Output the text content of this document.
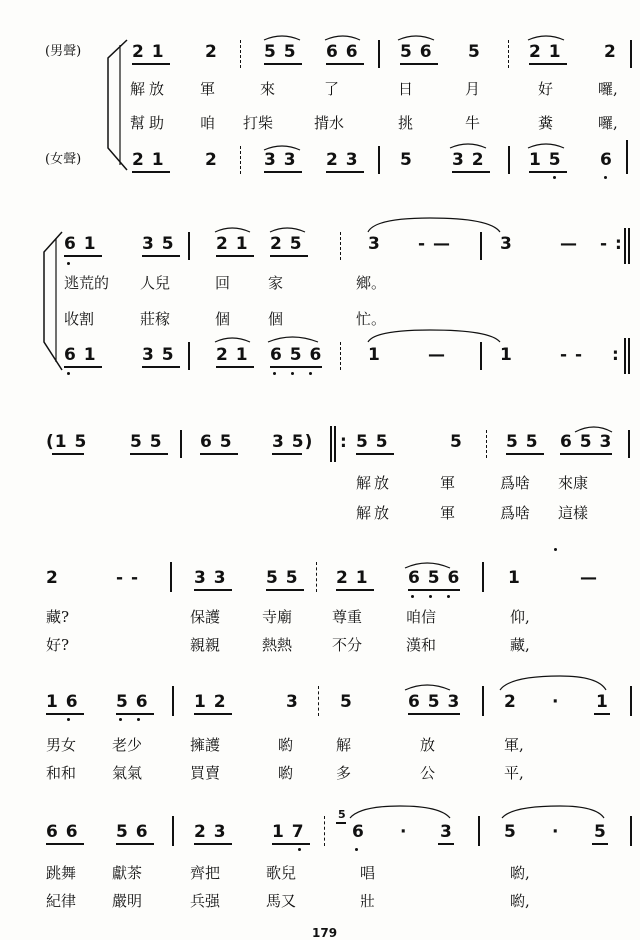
(男聲)
(女聲)
2 1 2	5 5 6 6 5 6 5	2 1 2
解放 軍	來	了	日	月	好	囉,
幫助 咱 打柴	揹水	挑	牛	糞	囉,
2 1 2	3 3 2 3 5 3 2	1 5 6
6 1	3 5 2 1 2 5	3 - —	3	— - :
逃荒的 人兒	回	家	鄉。
收割	莊稼	個	個	忙。
6 1	3 5 2 1 6 5 6	1	—	1	- - :
(1 5	5 5 6 5 3 5) : 5 5	5	5 5 6 5 3
解放	軍	爲啥 來康
解放	軍	爲啥 這樣
2	- -	3 3 5 5 2 1 6 5 6	1	—
藏?	保護	寺廟	尊重	咱信	仰,
好?	親親	熱熱	不分	漢和	藏,
1 6 5 6	1 2	3 5	6 5 3	2 · 1
男女 老少	擁護	喲	解	放	軍,
和和 氣氣	買賣	喲	多	公	平,
6 6 5 6	2 3	1 7
5
6 · 3	5 · 5
跳舞 獻茶	齊把	歌兒	唱	喲,
紀律 嚴明	兵强	馬又	壯	喲,
179
